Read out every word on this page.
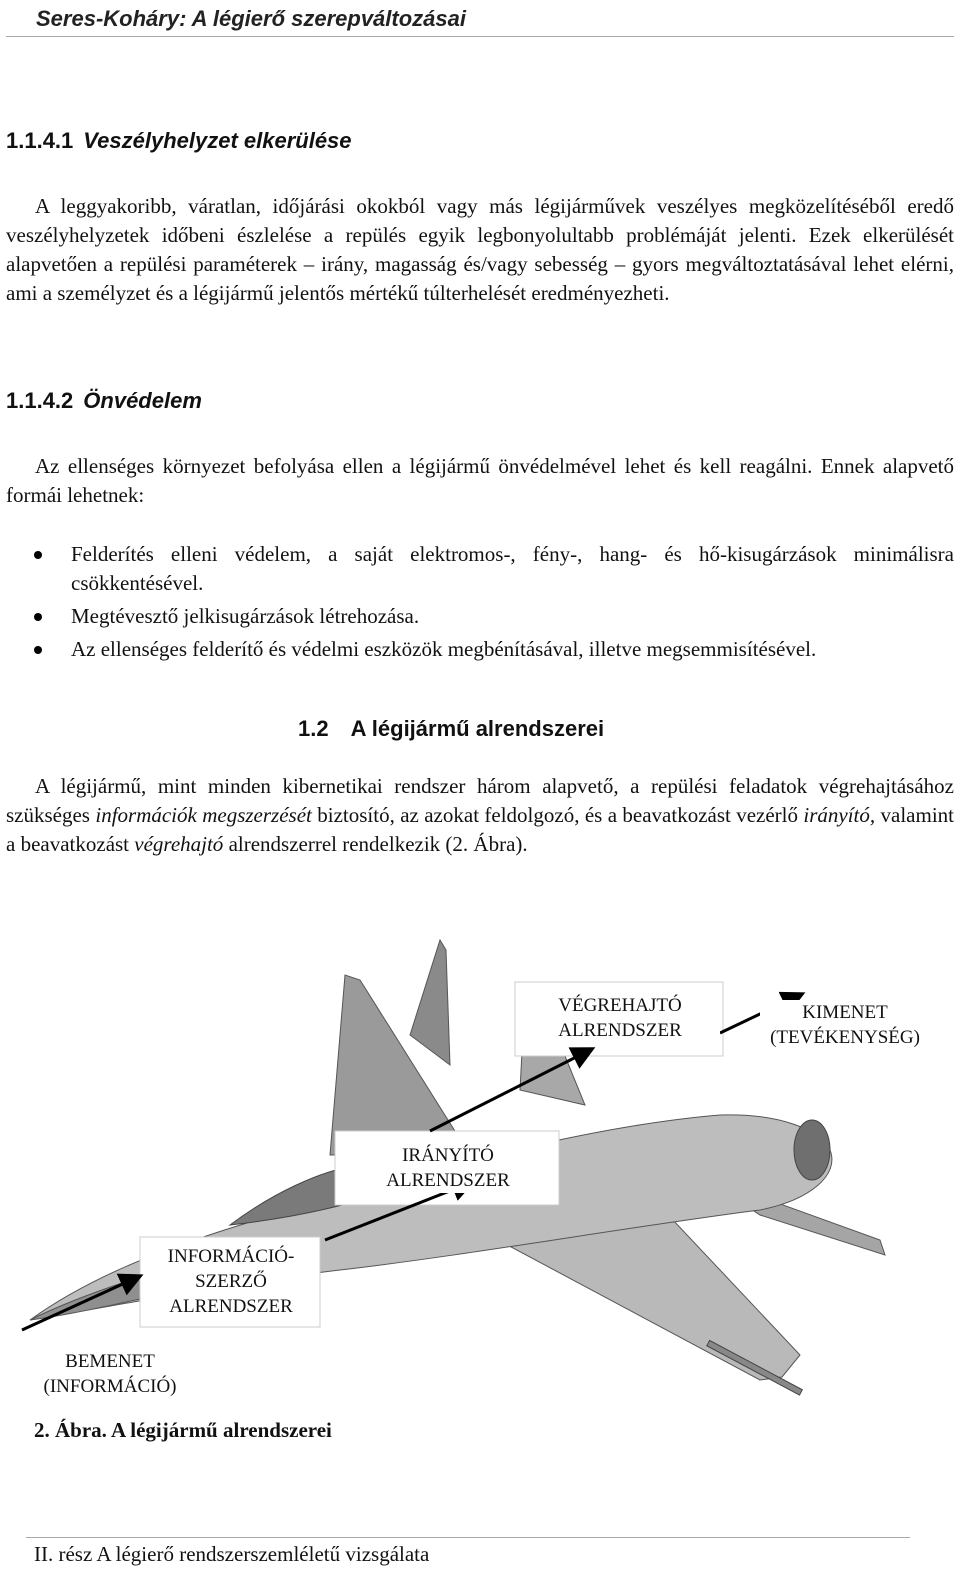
Seres-Koháry: A légierő szerepváltozásai
1.1.4.1 Veszélyhelyzet elkerülése

A leggyakoribb, váratlan, időjárási okokból vagy más légijárművek veszélyes megközelítéséből eredő veszélyhelyzetek időbeni észlelése a repülés egyik legbonyolultabb problémáját jelenti. Ezek elkerülését alapvetően a repülési paraméterek – irány, magasság és/vagy sebesség – gyors megváltoztatásával lehet elérni, ami a személyzet és a légijármű jelentős mértékű túlterhelését eredményezheti.

1.1.4.2 Önvédelem

Az ellenséges környezet befolyása ellen a légijármű önvédelmével lehet és kell reagálni. Ennek alapvető formái lehetnek:

Felderítés elleni védelem, a saját elektromos-, fény-, hang- és hő-kisugárzások minimálisra csökkentésével.
Megtévesztő jelkisugárzások létrehozása.
Az ellenséges felderítő és védelmi eszközök megbénításával, illetve megsemmisítésével.
1.2 A légijármű alrendszerei

A légijármű, mint minden kibernetikai rendszer három alapvető, a repülési feladatok végrehajtásához szükséges információk megszerzését biztosító, az azokat feldolgozó, és a beavatkozást vezérlő irányító, valamint a beavatkozást végrehajtó alrendszerrel rendelkezik (2. Ábra).

VÉGREHAJTÓ
ALRENDSZER
KIMENET
(TEVÉKENYSÉG)
IRÁNYÍTÓ
ALRENDSZER
INFORMÁCIÓ-
SZERZŐ
ALRENDSZER
BEMENET
(INFORMÁCIÓ)
2. Ábra. A légijármű alrendszerei
II. rész A légierő rendszerszemléletű vizsgálata
